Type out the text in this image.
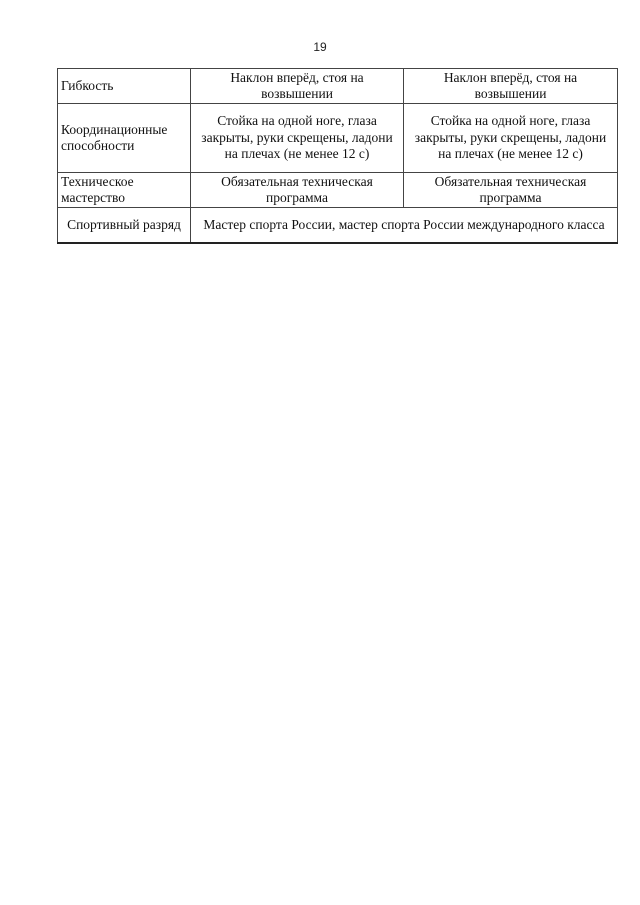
19
Гибкость	Наклон вперёд, стоя на возвышении	Наклон вперёд, стоя на возвышении
Координационные способности	Стойка на одной ноге, глаза закрыты, руки скрещены, ладони на плечах (не менее 12 с)	Стойка на одной ноге, глаза закрыты, руки скрещены, ладони на плечах (не менее 12 с)
Техническое мастерство	Обязательная техническая программа	Обязательная техническая программа
Спортивный разряд	Мастер спорта России, мастер спорта России международного класса	
